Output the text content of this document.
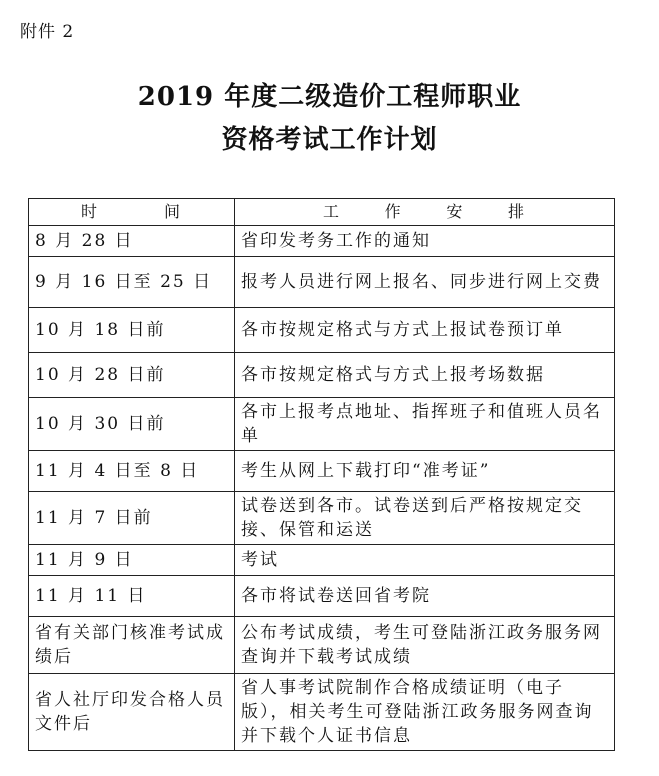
附件 2
2019 年度二级造价工程师职业
资格考试工作计划
时 间	工 作 安 排

8 月 28 日	省印发考务工作的通知
9 月 16 日至 25 日	报考人员进行网上报名、同步进行网上交费
10 月 18 日前	各市按规定格式与方式上报试卷预订单
10 月 28 日前	各市按规定格式与方式上报考场数据
10 月 30 日前	各市上报考点地址、指挥班子和值班人员名单
11 月 4 日至 8 日	考生从网上下载打印“准考证”
11 月 7 日前	试卷送到各市。试卷送到后严格按规定交接、保管和运送
11 月 9 日	考试
11 月 11 日	各市将试卷送回省考院
省有关部门核准考试成绩后	公布考试成绩，考生可登陆浙江政务服务网查询并下载考试成绩
省人社厅印发合格人员文件后	省人事考试院制作合格成绩证明（电子版），相关考生可登陆浙江政务服务网查询并下载个人证书信息
